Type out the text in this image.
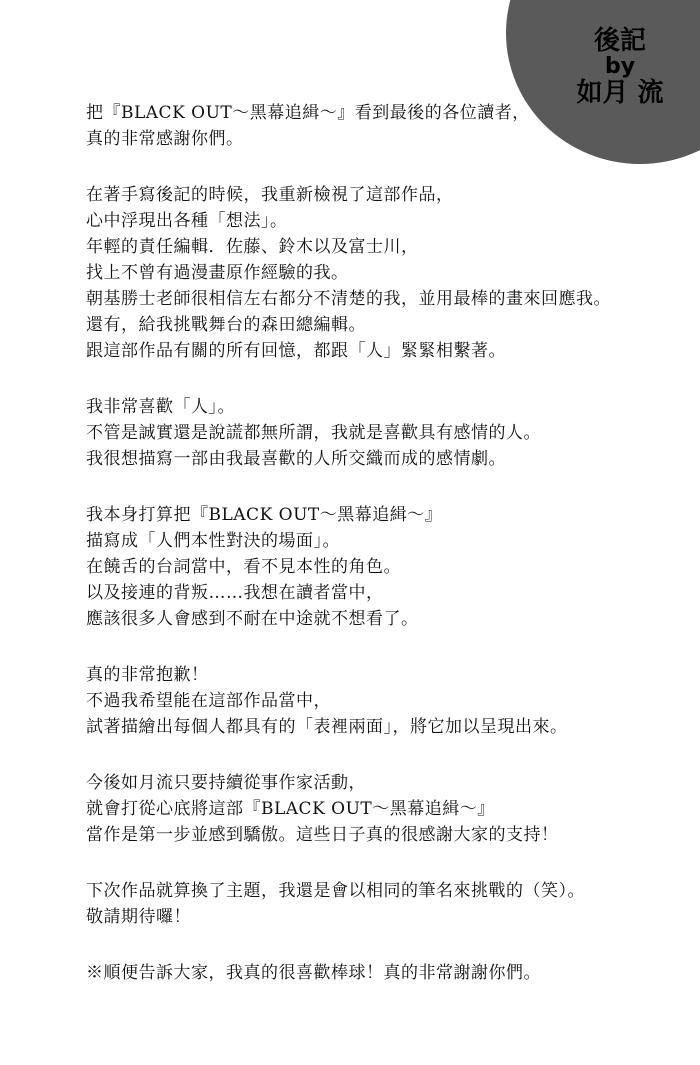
後記
by
如月 流
把『BLACK OUT～黑幕追緝～』看到最後的各位讀者，
真的非常感謝你們。
在著手寫後記的時候，我重新檢視了這部作品，
心中浮現出各種「想法」。
年輕的責任編輯．佐藤、鈴木以及富士川，
找上不曾有過漫畫原作經驗的我。
朝基勝士老師很相信左右都分不清楚的我，並用最棒的畫來回應我。
還有，給我挑戰舞台的森田總編輯。
跟這部作品有關的所有回憶，都跟「人」緊緊相繫著。
我非常喜歡「人」。
不管是誠實還是說謊都無所謂，我就是喜歡具有感情的人。
我很想描寫一部由我最喜歡的人所交織而成的感情劇。
我本身打算把『BLACK OUT～黑幕追緝～』
描寫成「人們本性對決的場面」。
在饒舌的台詞當中，看不見本性的角色。
以及接連的背叛……我想在讀者當中，
應該很多人會感到不耐在中途就不想看了。
真的非常抱歉！
不過我希望能在這部作品當中，
試著描繪出每個人都具有的「表裡兩面」，將它加以呈現出來。
今後如月流只要持續從事作家活動，
就會打從心底將這部『BLACK OUT～黑幕追緝～』
當作是第一步並感到驕傲。這些日子真的很感謝大家的支持！
下次作品就算換了主題，我還是會以相同的筆名來挑戰的（笑）。
敬請期待囉！
※順便告訴大家，我真的很喜歡棒球！真的非常謝謝你們。
